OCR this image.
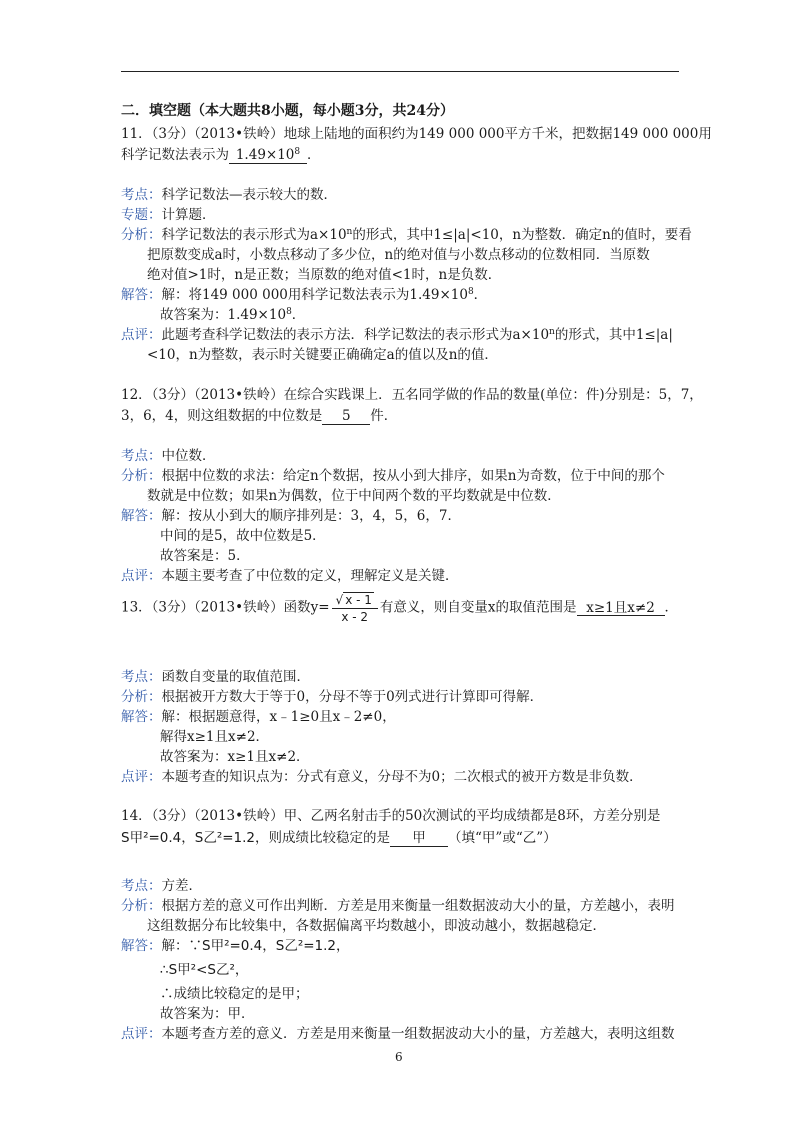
二．填空题（本大题共8小题，每小题3分，共24分）
11．（3分）（2013•铁岭）地球上陆地的面积约为149 000 000平方千米，把数据149 000 000用
科学记数法表示为 $1.49\times 10^8$ ．
考点：科学记数法—表示较大的数．
专题：计算题．
分析：科学记数法的表示形式为$a\times 10^n$的形式，其中1≤|a|<10，n为整数．确定n的值时，要看
把原数变成a时，小数点移动了多少位，n的绝对值与小数点移动的位数相同．当原数
绝对值>1时，n是正数；当原数的绝对值<1时，n是负数．
解答：解：将149 000 000用科学记数法表示为$1.49\times 10^8$．
故答案为：$1.49\times 10^8$．
点评：此题考查科学记数法的表示方法．科学记数法的表示形式为$a\times 10^n$的形式，其中1≤|a|
<10，n为整数，表示时关键要正确确定a的值以及n的值．
12．（3分）（2013•铁岭）在综合实践课上．五名同学做的作品的数量(单位：件)分别是：5，7，
3，6，4，则这组数据的中位数是 5 件．
考点：中位数．
分析：根据中位数的求法：给定n个数据，按从小到大排序，如果n为奇数，位于中间的那个
数就是中位数；如果n为偶数，位于中间两个数的平均数就是中位数．
解答：解：按从小到大的顺序排列是：3，4，5，6，7．
中间的是5，故中位数是5．
故答案是：5．
点评：本题主要考查了中位数的定义，理解定义是关键．
13．（3分）（2013•铁岭）函数$y= \frac{√ x - 1}{x - 2}$ 有意义，则自变量x的取值范围是 x≥1且x≠2 ．
考点：函数自变量的取值范围．
分析：根据被开方数大于等于0，分母不等于0列式进行计算即可得解．
解答：解：根据题意得，x﹣1≥0且x﹣2≠0，
解得x≥1且x≠2．
故答案为：x≥1且x≠2．
点评：本题考查的知识点为：分式有意义，分母不为0；二次根式的被开方数是非负数．
14．（3分）（2013•铁岭）甲、乙两名射击手的50次测试的平均成绩都是8环，方差分别是
S甲²=0.4，S乙²=1.2，则成绩比较稳定的是 甲 （填“甲”或“乙”）
考点：方差．
分析：根据方差的意义可作出判断．方差是用来衡量一组数据波动大小的量，方差越小，表明
这组数据分布比较集中，各数据偏离平均数越小，即波动越小，数据越稳定．
解答：解：∵S甲²=0.4，S乙²=1.2，
∴S甲²<S乙²，
∴成绩比较稳定的是甲；
故答案为：甲．
点评：本题考查方差的意义．方差是用来衡量一组数据波动大小的量，方差越大，表明这组数
6
